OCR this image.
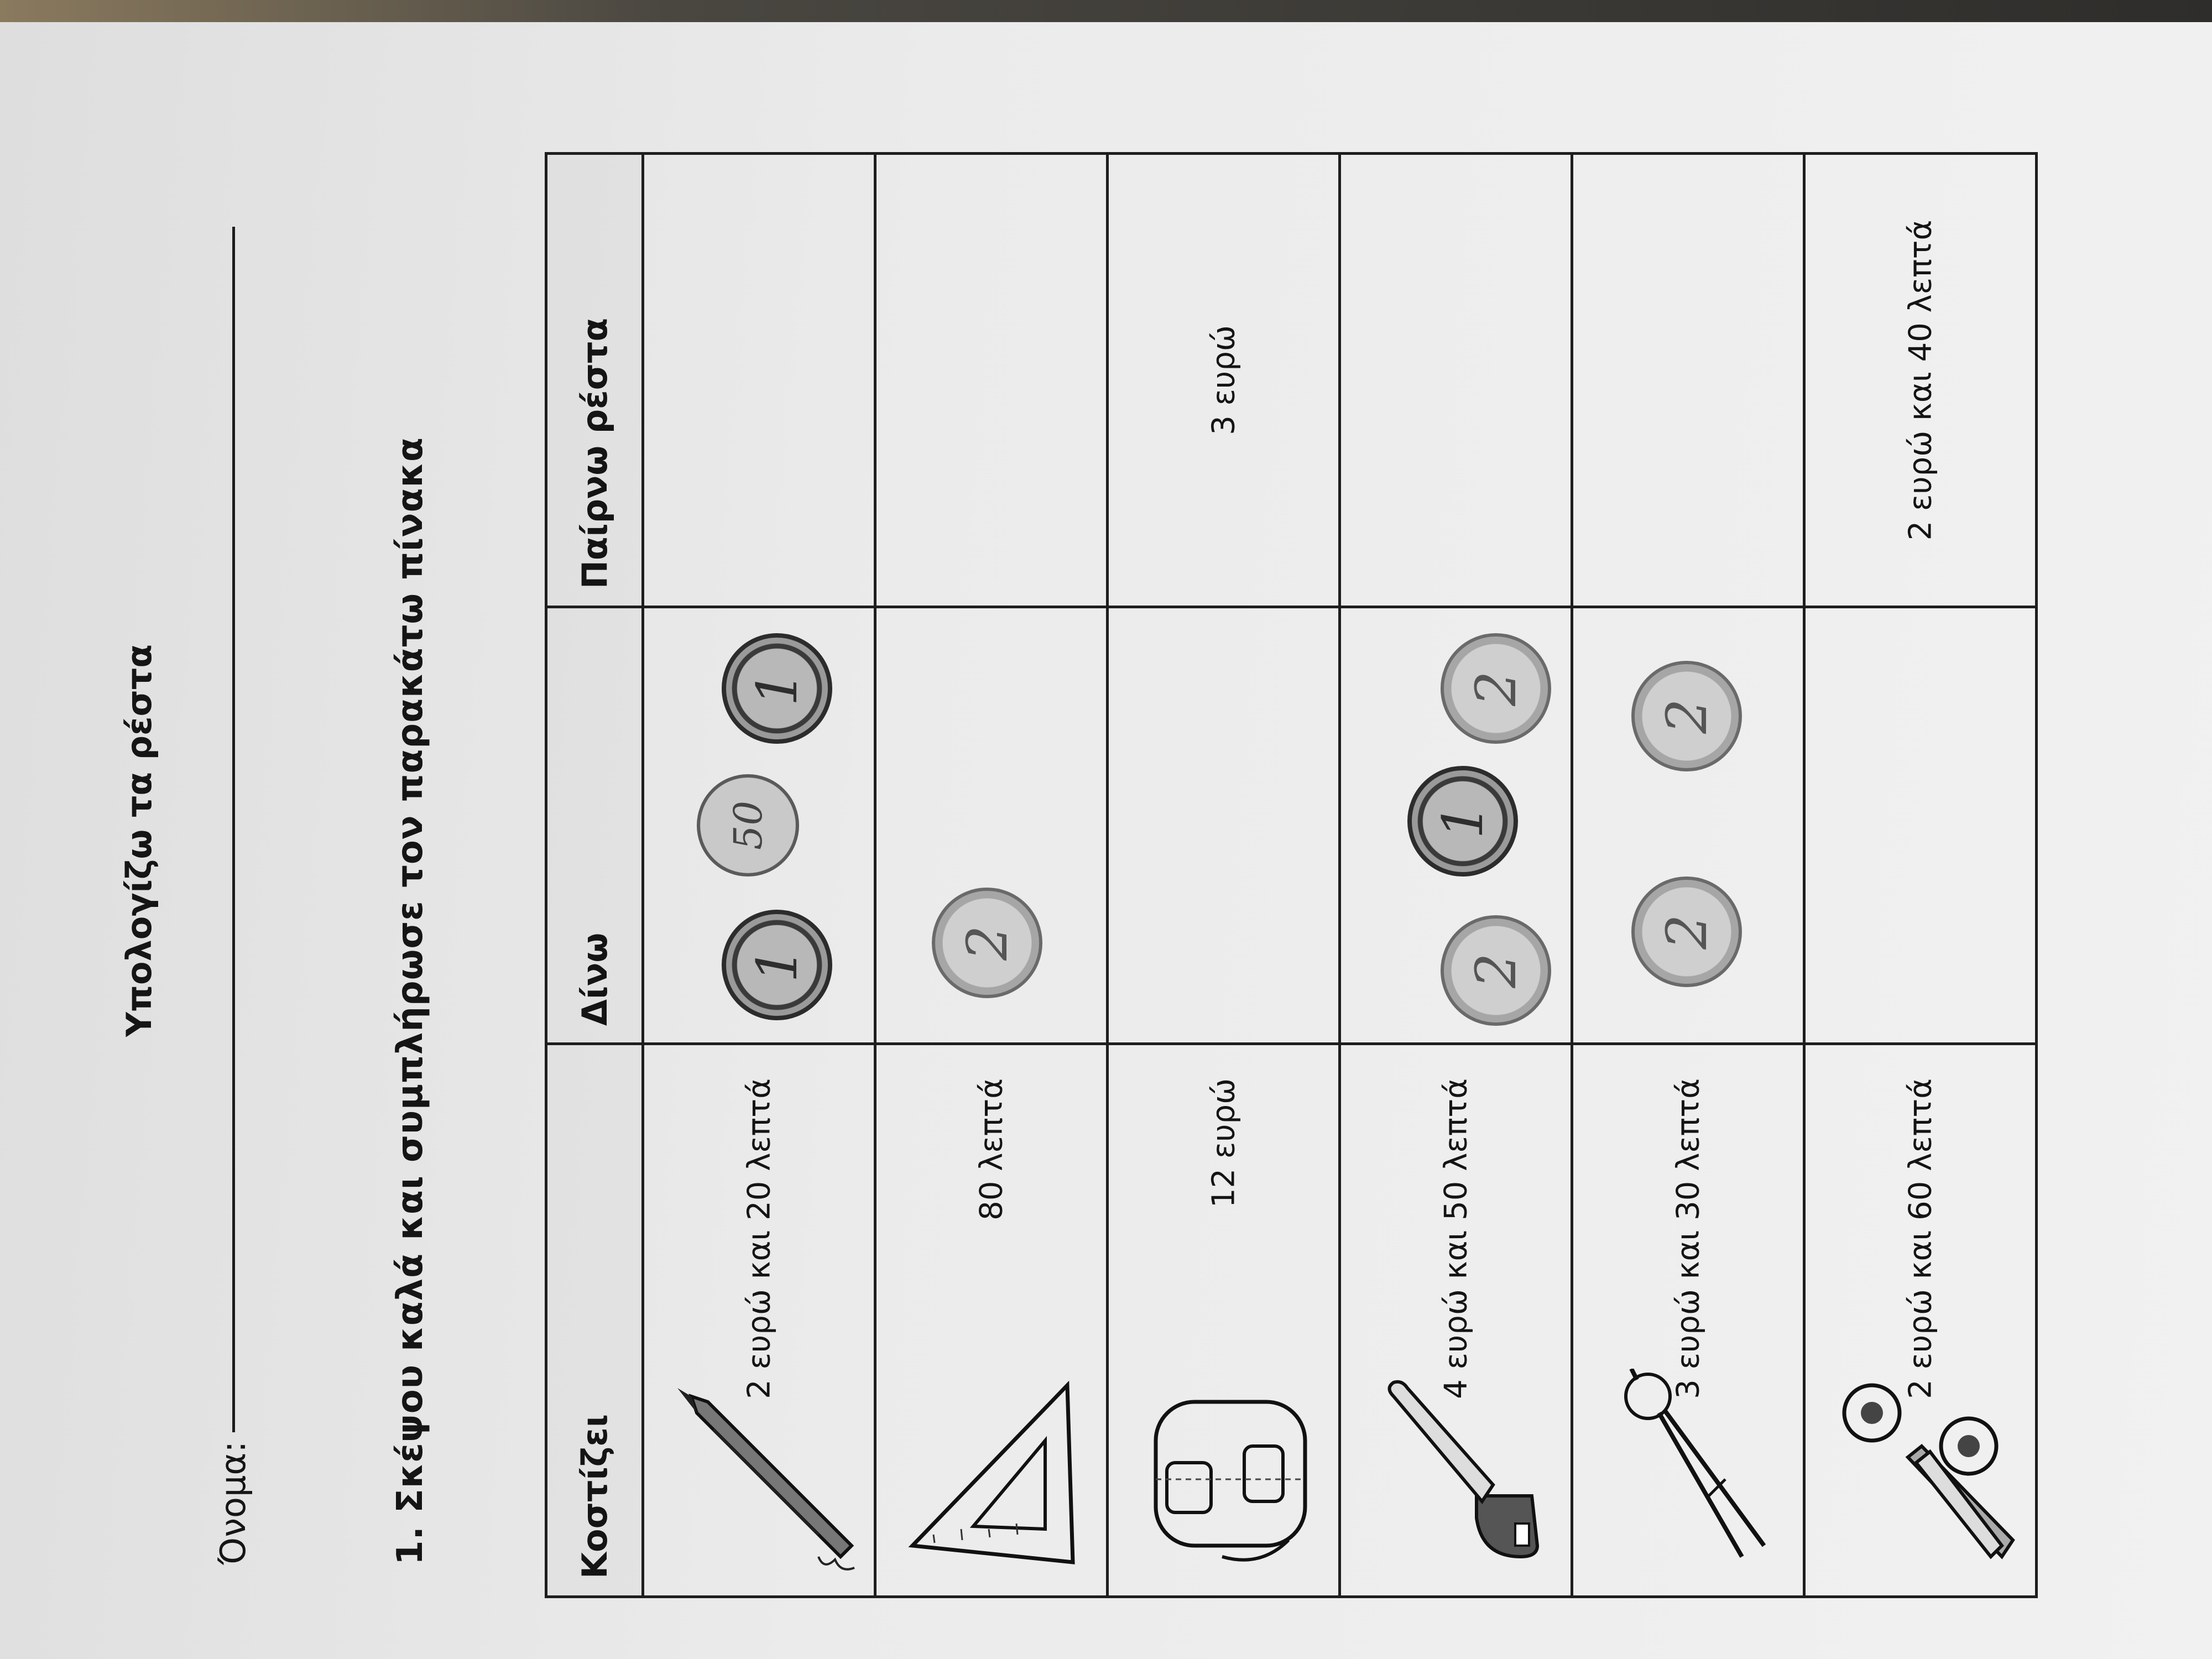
Υπολογίζω τα ρέστα
Όνομα:	1. Σκέψου καλά και συμπλήρωσε τον παρακάτω πίνακα	Κοστίζει	Δίνω	Παίρνω ρέστα

2 ευρώ και 20 λεπτά	1
50
1	

80 λεπτά	2	

12 ευρώ		3 ευρώ

4 ευρώ και 50 λεπτά	2
1
2	

3 ευρώ και 30 λεπτά	2
2	

2 ευρώ και 60 λεπτά		2 ευρώ και 40 λεπτά
